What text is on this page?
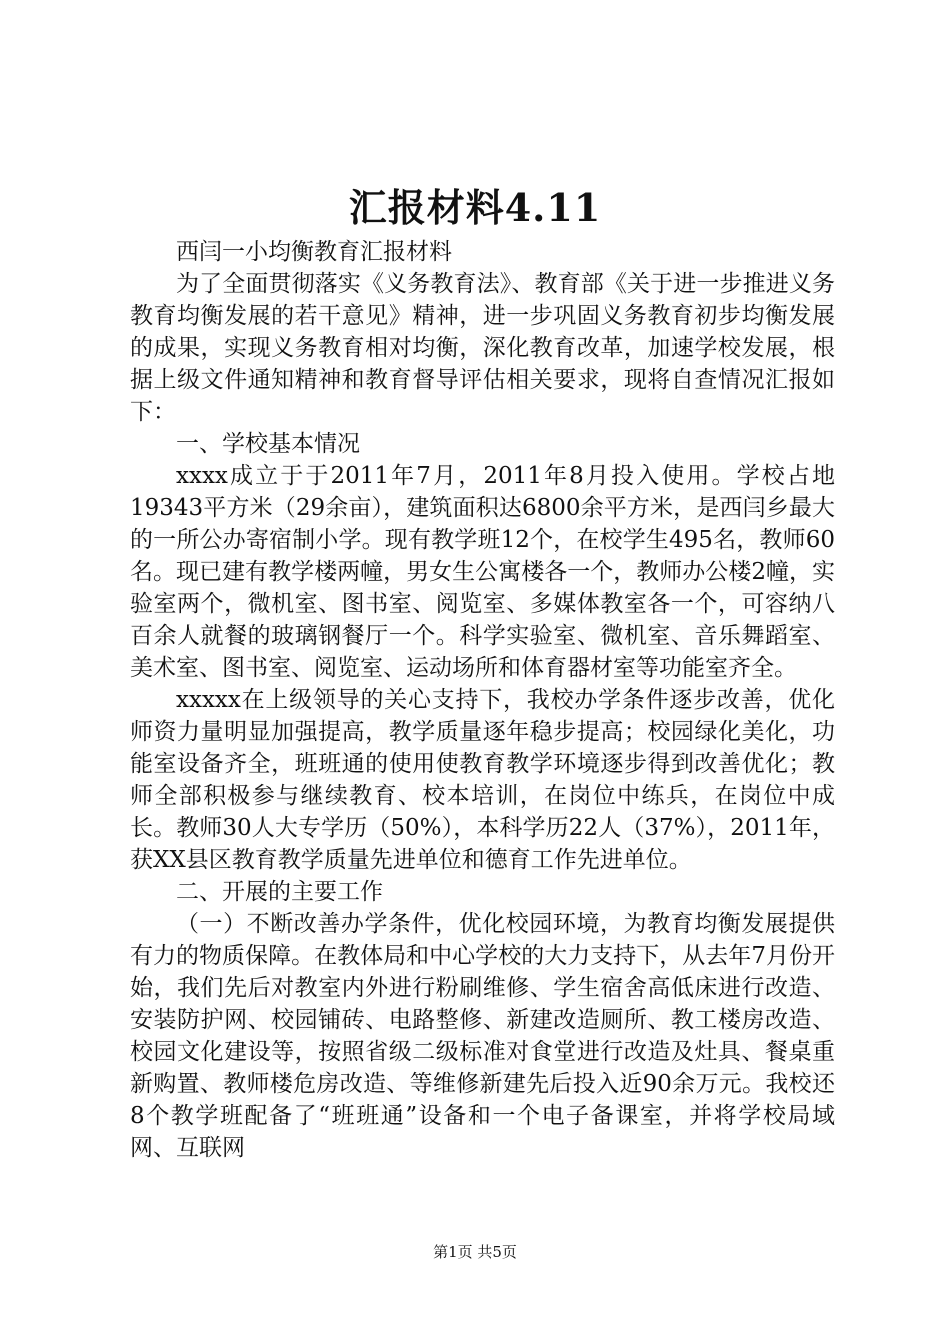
汇报材料4.11

西闫一小均衡教育汇报材料

为了全面贯彻落实《义务教育法》、教育部《关于进一步推进义务教育均衡发展的若干意见》精神，进一步巩固义务教育初步均衡发展的成果，实现义务教育相对均衡，深化教育改革，加速学校发展，根据上级文件通知精神和教育督导评估相关要求，现将自查情况汇报如下：

一、学校基本情况

xxxx成立于于2011年7月，2011年8月投入使用。学校占地19343平方米（29余亩），建筑面积达6800余平方米，是西闫乡最大的一所公办寄宿制小学。现有教学班12个，在校学生495名，教师60名。现已建有教学楼两幢，男女生公寓楼各一个，教师办公楼2幢，实验室两个，微机室、图书室、阅览室、多媒体教室各一个，可容纳八百余人就餐的玻璃钢餐厅一个。科学实验室、微机室、音乐舞蹈室、美术室、图书室、阅览室、运动场所和体育器材室等功能室齐全。

xxxxx在上级领导的关心支持下，我校办学条件逐步改善，优化师资力量明显加强提高，教学质量逐年稳步提高；校园绿化美化，功能室设备齐全，班班通的使用使教育教学环境逐步得到改善优化；教师全部积极参与继续教育、校本培训，在岗位中练兵，在岗位中成长。教师30人大专学历（50%），本科学历22人（37%），2011年，获XX县区教育教学质量先进单位和德育工作先进单位。

二、开展的主要工作

（一）不断改善办学条件，优化校园环境，为教育均衡发展提供有力的物质保障。在教体局和中心学校的大力支持下，从去年7月份开始，我们先后对教室内外进行粉刷维修、学生宿舍高低床进行改造、安装防护网、校园铺砖、电路整修、新建改造厕所、教工楼房改造、校园文化建设等，按照省级二级标准对食堂进行改造及灶具、餐桌重新购置、教师楼危房改造、等维修新建先后投入近90余万元。我校还8个教学班配备了“班班通”设备和一个电子备课室，并将学校局域网、互联网

第1页 共5页
